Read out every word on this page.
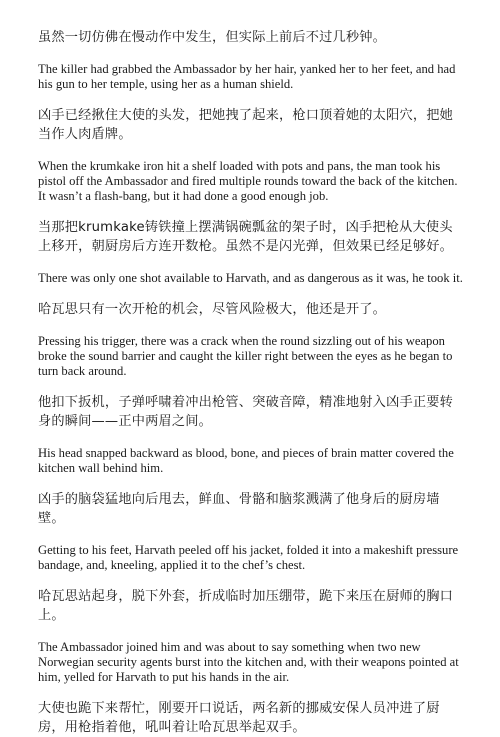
虽然一切仿佛在慢动作中发生，但实际上前后不过几秒钟。

The killer had grabbed the Ambassador by her hair, yanked her to her feet, and had his gun to her temple, using her as a human shield.

凶手已经揪住大使的头发，把她拽了起来，枪口顶着她的太阳穴，把她当作人肉盾牌。

When the krumkake iron hit a shelf loaded with pots and pans, the man took his pistol off the Ambassador and fired multiple rounds toward the back of the kitchen. It wasn’t a flash-bang, but it had done a good enough job.

当那把krumkake铸铁撞上摆满锅碗瓢盆的架子时，凶手把枪从大使头上移开，朝厨房后方连开数枪。虽然不是闪光弹，但效果已经足够好。

There was only one shot available to Harvath, and as dangerous as it was, he took it.

哈瓦思只有一次开枪的机会，尽管风险极大，他还是开了。

Pressing his trigger, there was a crack when the round sizzling out of his weapon broke the sound barrier and caught the killer right between the eyes as he began to turn back around.

他扣下扳机，子弹呼啸着冲出枪管、突破音障，精准地射入凶手正要转身的瞬间——正中两眉之间。

His head snapped backward as blood, bone, and pieces of brain matter covered the kitchen wall behind him.

凶手的脑袋猛地向后甩去，鲜血、骨骼和脑浆溅满了他身后的厨房墙壁。

Getting to his feet, Harvath peeled off his jacket, folded it into a makeshift pressure bandage, and, kneeling, applied it to the chef’s chest.

哈瓦思站起身，脱下外套，折成临时加压绷带，跪下来压在厨师的胸口上。

The Ambassador joined him and was about to say something when two new Norwegian security agents burst into the kitchen and, with their weapons pointed at him, yelled for Harvath to put his hands in the air.

大使也跪下来帮忙，刚要开口说话，两名新的挪威安保人员冲进了厨房，用枪指着他，吼叫着让哈瓦思举起双手。
